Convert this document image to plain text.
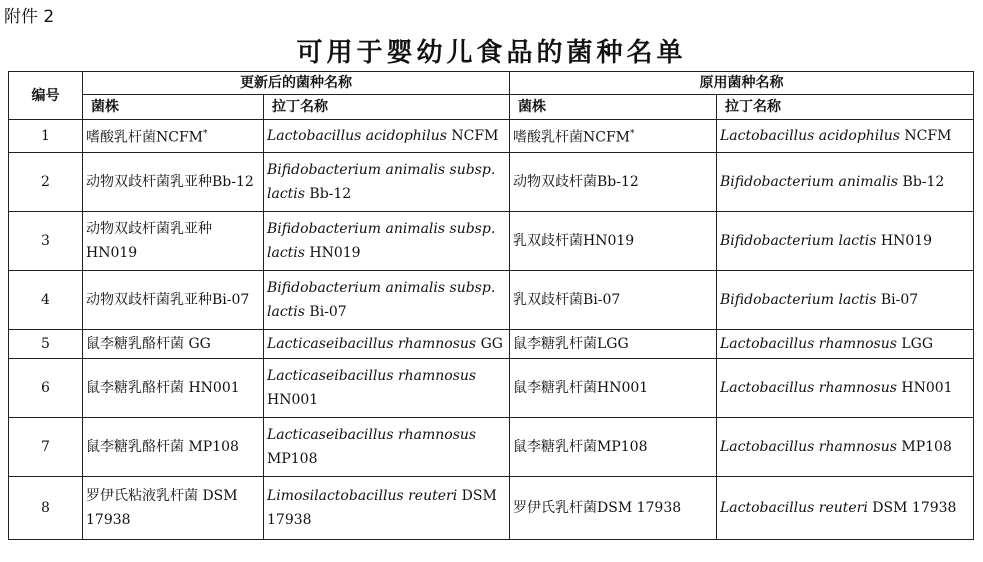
附件 2
可用于婴幼儿食品的菌种名单
编号	更新后的菌种名称		原用菌种名称	
	菌株	拉丁名称	菌株	拉丁名称
1	嗜酸乳杆菌NCFM*	Lactobacillus acidophilus NCFM	嗜酸乳杆菌NCFM*	Lactobacillus acidophilus NCFM
2	动物双歧杆菌乳亚种Bb-12	Bifidobacterium animalis subsp. lactis Bb-12	动物双歧杆菌Bb-12	Bifidobacterium animalis Bb-12
3	动物双歧杆菌乳亚种HN019	Bifidobacterium animalis subsp. lactis HN019	乳双歧杆菌HN019	Bifidobacterium lactis HN019
4	动物双歧杆菌乳亚种Bi-07	Bifidobacterium animalis subsp. lactis Bi-07	乳双歧杆菌Bi-07	Bifidobacterium lactis Bi-07
5	鼠李糖乳酪杆菌 GG	Lacticaseibacillus rhamnosus GG	鼠李糖乳杆菌LGG	Lactobacillus rhamnosus LGG
6	鼠李糖乳酪杆菌 HN001	Lacticaseibacillus rhamnosus HN001	鼠李糖乳杆菌HN001	Lactobacillus rhamnosus HN001
7	鼠李糖乳酪杆菌 MP108	Lacticaseibacillus rhamnosus MP108	鼠李糖乳杆菌MP108	Lactobacillus rhamnosus MP108
8	罗伊氏粘液乳杆菌 DSM 17938	Limosilactobacillus reuteri DSM 17938	罗伊氏乳杆菌DSM 17938	Lactobacillus reuteri DSM 17938
